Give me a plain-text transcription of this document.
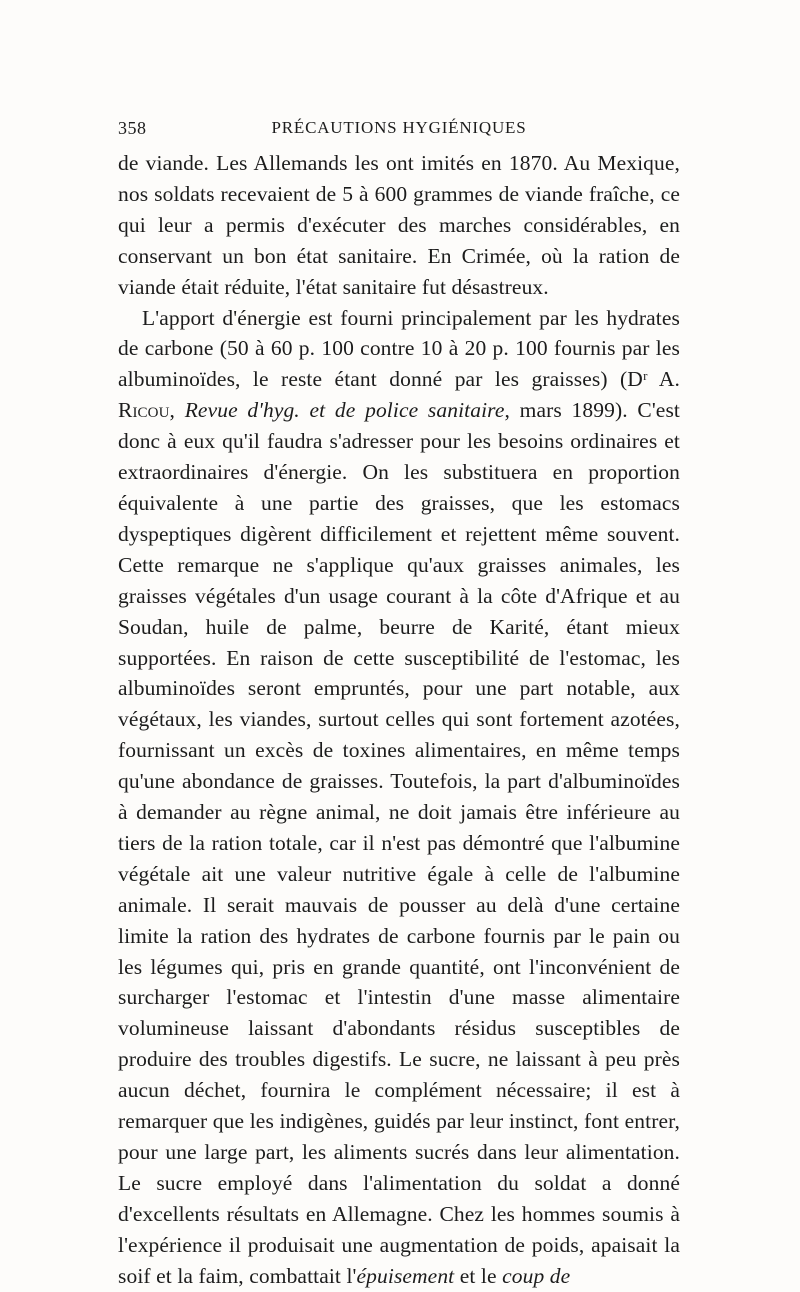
358	PRÉCAUTIONS HYGIÉNIQUES

de viande. Les Allemands les ont imités en 1870. Au Mexique, nos soldats recevaient de 5 à 600 grammes de viande fraîche, ce qui leur a permis d'exécuter des marches considérables, en conservant un bon état sanitaire. En Crimée, où la ration de viande était réduite, l'état sanitaire fut désastreux.

L'apport d'énergie est fourni principalement par les hydrates de carbone (50 à 60 p. 100 contre 10 à 20 p. 100 fournis par les albuminoïdes, le reste étant donné par les graisses) (Dʳ A. Ricou, Revue d'hyg. et de police sanitaire, mars 1899). C'est donc à eux qu'il faudra s'adresser pour les besoins ordinaires et extraordinaires d'énergie. On les substituera en proportion équivalente à une partie des graisses, que les estomacs dyspeptiques digèrent difficilement et rejettent même souvent. Cette remarque ne s'applique qu'aux graisses animales, les graisses végétales d'un usage courant à la côte d'Afrique et au Soudan, huile de palme, beurre de Karité, étant mieux supportées. En raison de cette susceptibilité de l'estomac, les albuminoïdes seront empruntés, pour une part notable, aux végétaux, les viandes, surtout celles qui sont fortement azotées, fournissant un excès de toxines alimentaires, en même temps qu'une abondance de graisses. Toutefois, la part d'albuminoïdes à demander au règne animal, ne doit jamais être inférieure au tiers de la ration totale, car il n'est pas démontré que l'albumine végétale ait une valeur nutritive égale à celle de l'albumine animale. Il serait mauvais de pousser au delà d'une certaine limite la ration des hydrates de carbone fournis par le pain ou les légumes qui, pris en grande quantité, ont l'inconvénient de surcharger l'estomac et l'intestin d'une masse alimentaire volumineuse laissant d'abondants résidus susceptibles de produire des troubles digestifs. Le sucre, ne laissant à peu près aucun déchet, fournira le complément nécessaire; il est à remarquer que les indigènes, guidés par leur instinct, font entrer, pour une large part, les aliments sucrés dans leur alimentation. Le sucre employé dans l'alimentation du soldat a donné d'excellents résultats en Allemagne. Chez les hommes soumis à l'expérience il produisait une augmentation de poids, apaisait la soif et la faim, combattait l'épuisement et le coup de
